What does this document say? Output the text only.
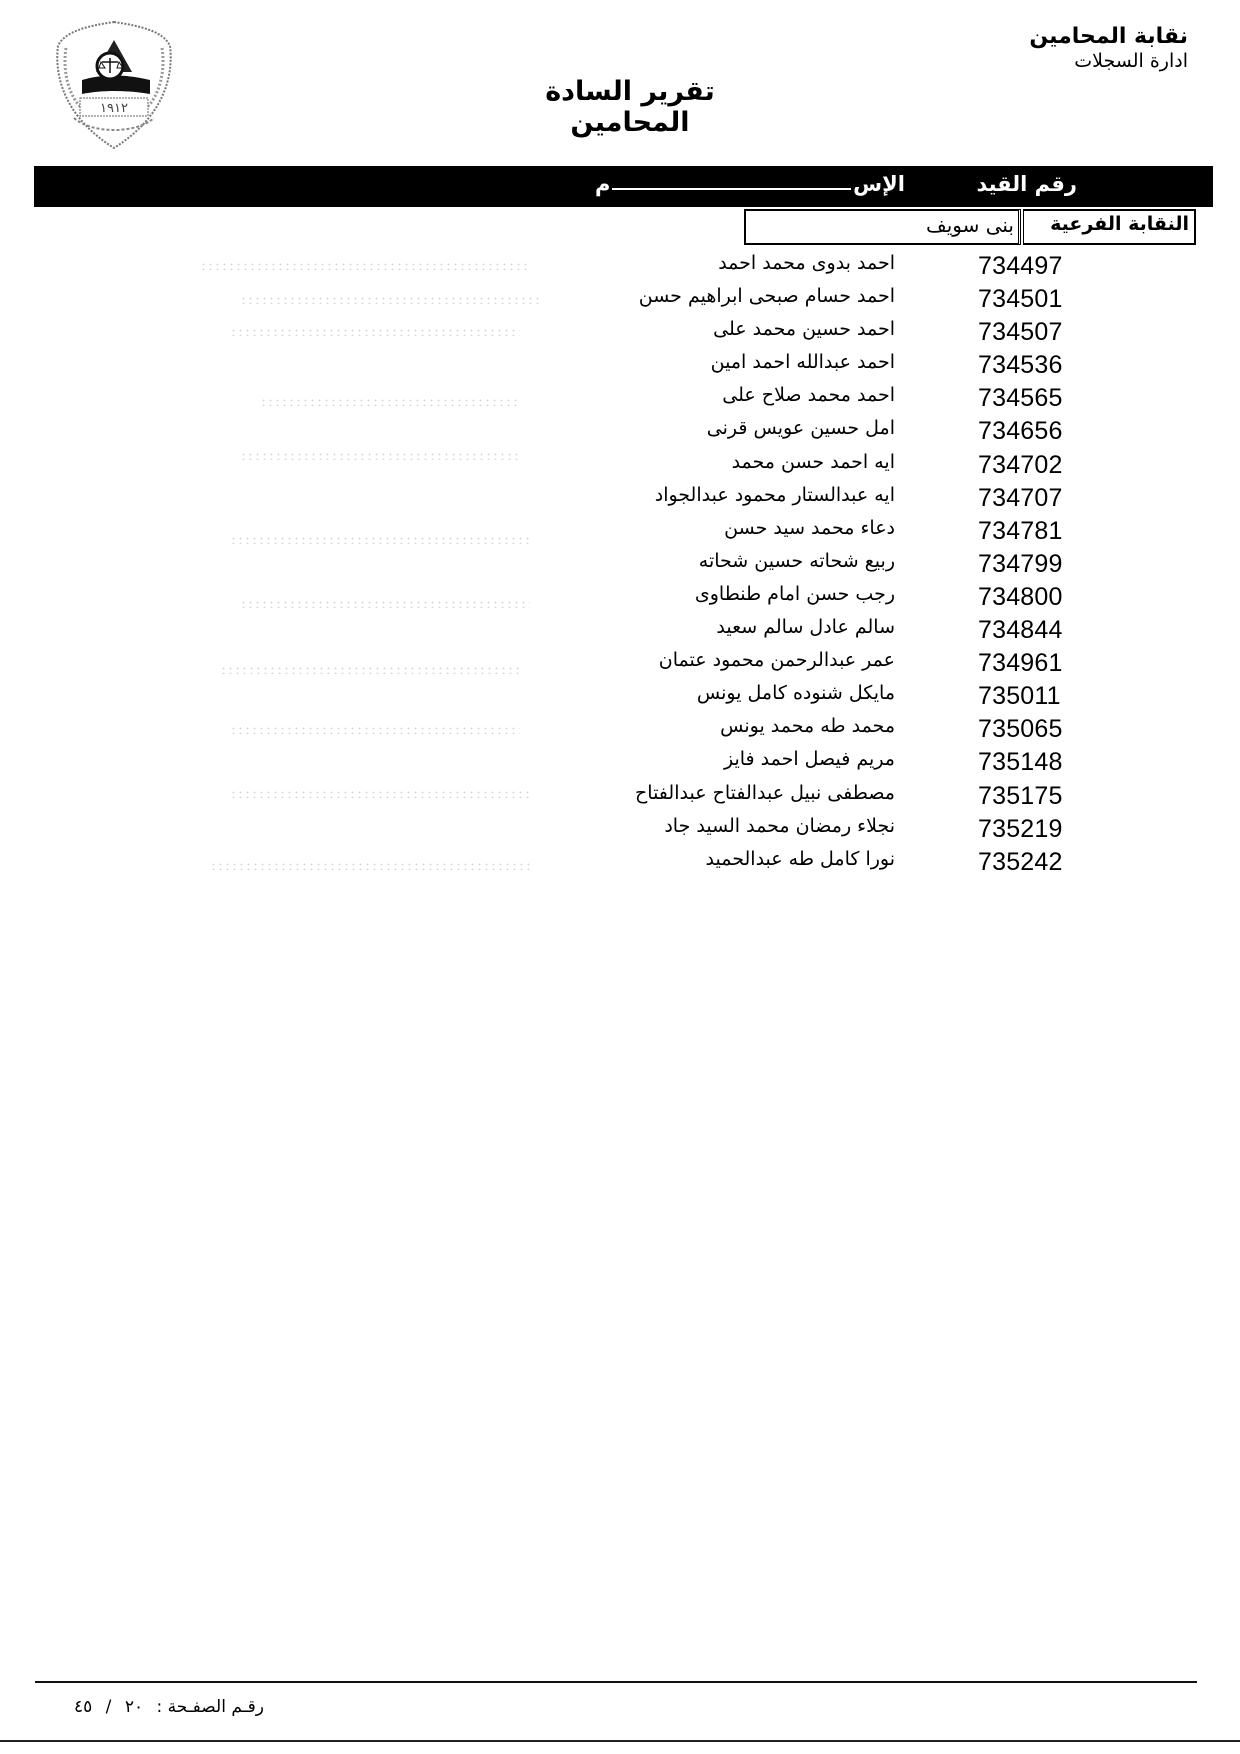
١٩١٢
نقابة المحامين
ادارة السجلات
تقرير السادة المحامين
رقم القيد
الإس
م
النقابة الفرعية
بنى سويف
734497
احمد بدوى محمد احمد
734501
احمد حسام صبحى ابراهيم حسن
734507
احمد حسين محمد على
734536
احمد عبدالله احمد امين
734565
احمد محمد صلاح على
734656
امل حسين عويس قرنى
734702
ايه احمد حسن محمد
734707
ايه عبدالستار محمود عبدالجواد
734781
دعاء محمد سيد حسن
734799
ربيع شحاته حسين شحاته
734800
رجب حسن امام طنطاوى
734844
سالم عادل سالم سعيد
734961
عمر عبدالرحمن محمود عتمان
735011
مايكل شنوده كامل يونس
735065
محمد طه محمد يونس
735148
مريم فيصل احمد فايز
735175
مصطفى نبيل عبدالفتاح عبدالفتاح
735219
نجلاء رمضان محمد السيد جاد
735242
نورا كامل طه عبدالحميد
رقـم الصفـحة : ٢٠ / ٤٥
